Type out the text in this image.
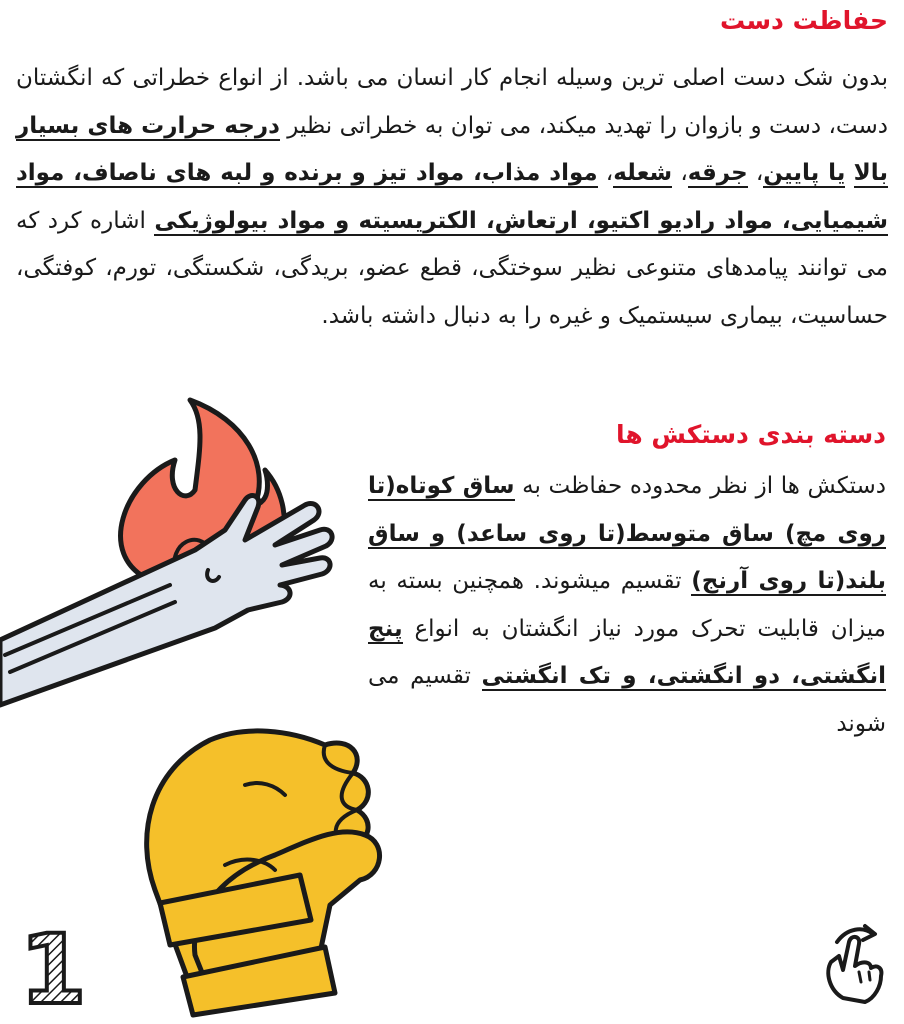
حفاظت دست

بدون شک دست اصلی ترین وسیله انجام کار انسان می باشد. از انواع خطراتی که انگشتان دست، دست و بازوان را تهدید میکند، می توان به خطراتی نظیر درجه حرارت های بسیار بالا یا پایین، جرقه، شعله، مواد مذاب، مواد تیز و برنده و لبه های ناصاف، مواد شیمیایی، مواد رادیو اکتیو، ارتعاش، الکتریسیته و مواد بیولوژیکی اشاره کرد که می توانند پیامدهای متنوعی نظیر سوختگی، قطع عضو، بریدگی، شکستگی، تورم، کوفتگی، حساسیت، بیماری سیستمیک و غیره را به دنبال داشته باشد.

دسته بندی دستکش ها

دستکش ها از نظر محدوده حفاظت به ساق کوتاه(تا روی مچ) ساق متوسط(تا روی ساعد) و ساق بلند(تا روی آرنج) تقسیم میشوند. همچنین بسته به میزان قابلیت تحرک مورد نیاز انگشتان به انواع پنج انگشتی، دو انگشتی، و تک انگشتی تقسیم می شوند

1
